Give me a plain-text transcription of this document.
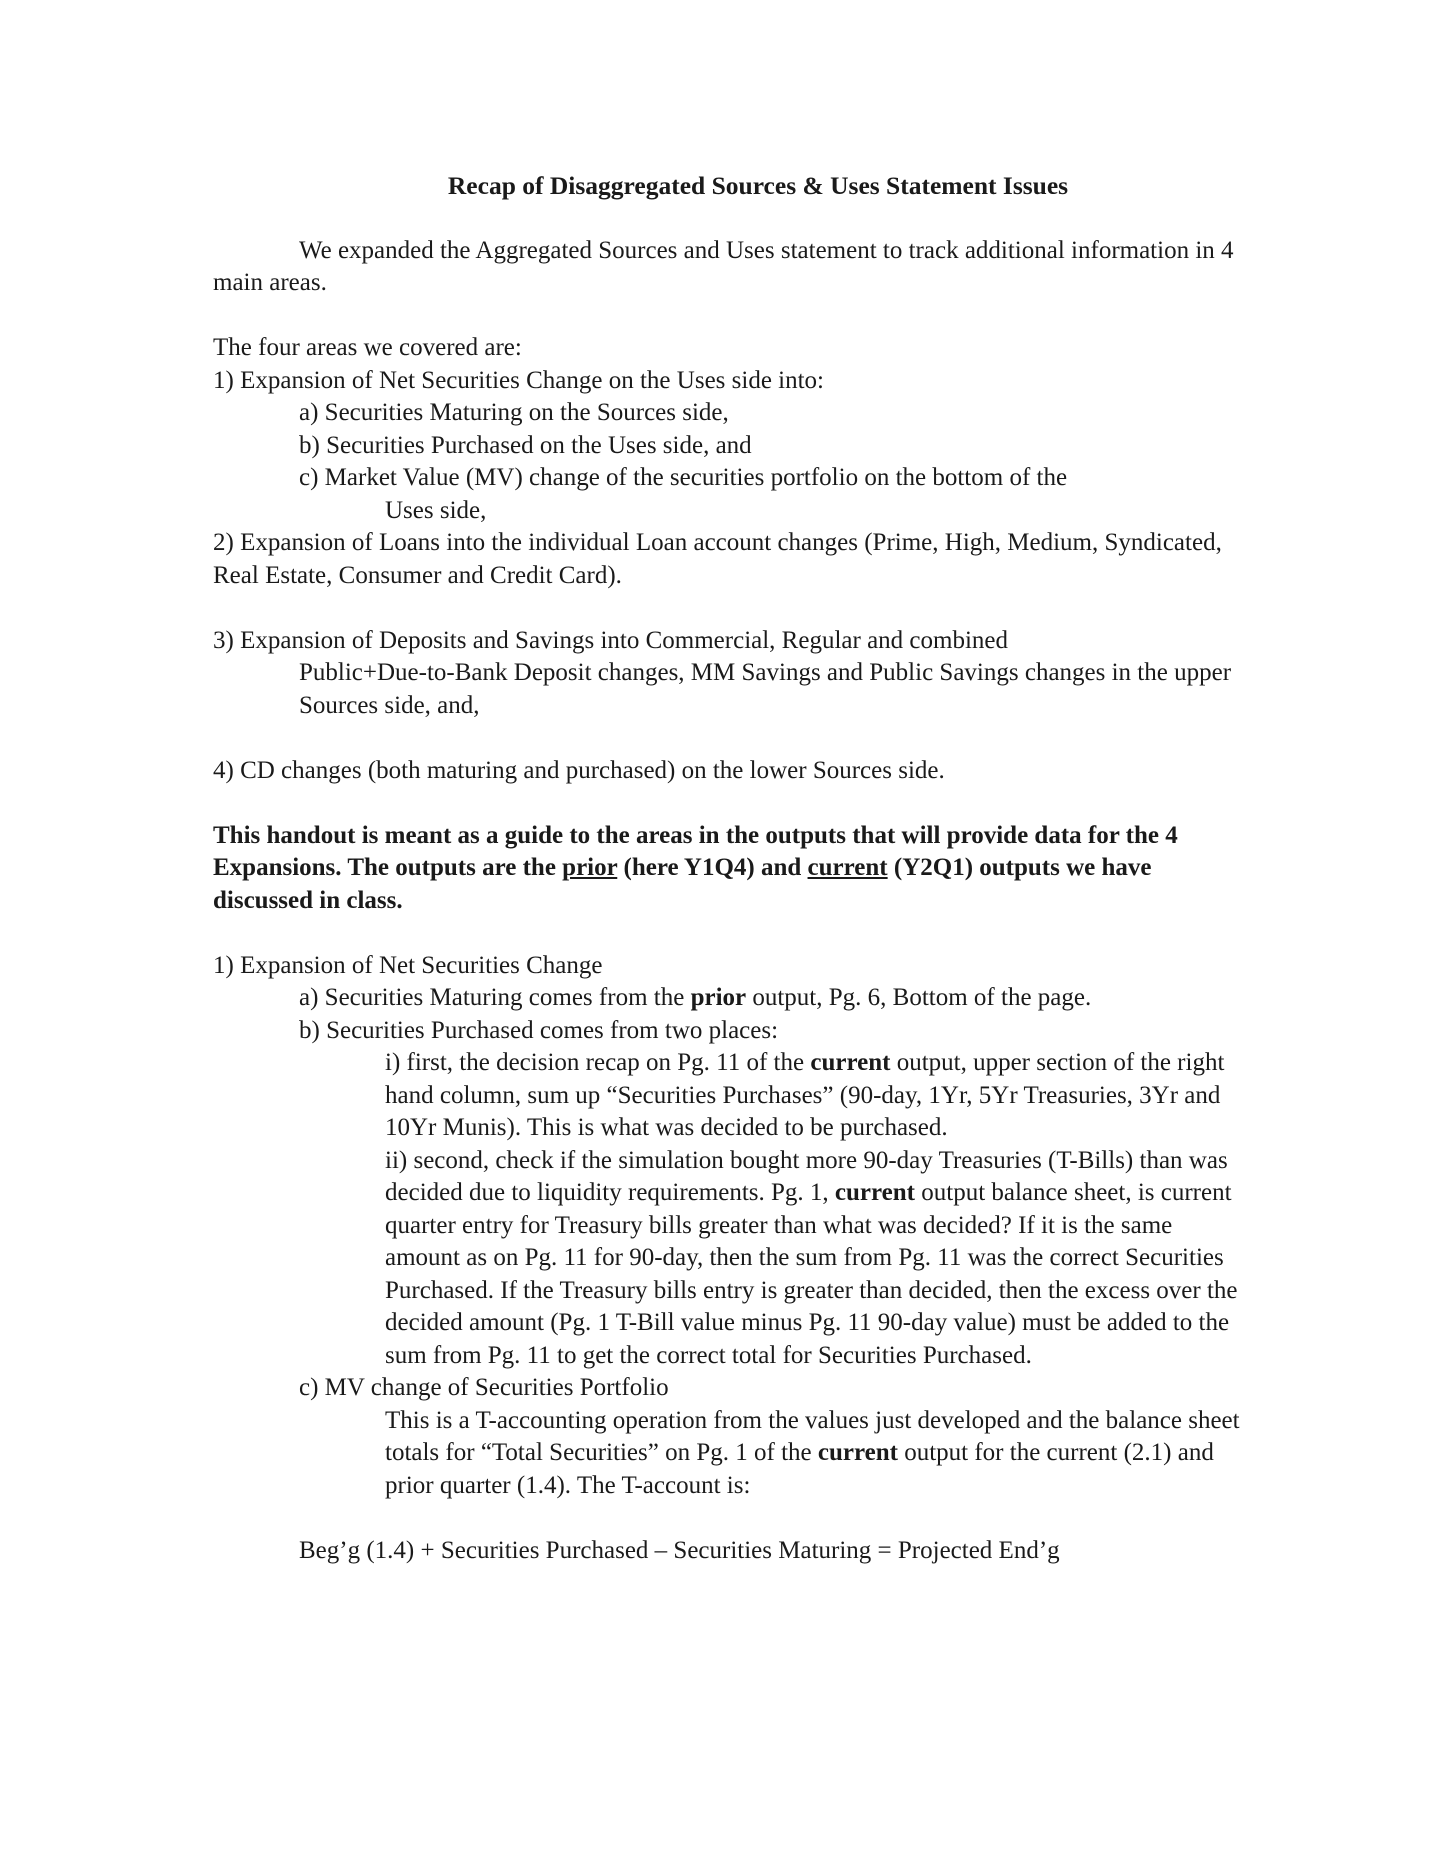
Recap of Disaggregated Sources & Uses Statement Issues

We expanded the Aggregated Sources and Uses statement to track additional information in 4 main areas.

The four areas we covered are:

1) Expansion of Net Securities Change on the Uses side into:

a) Securities Maturing on the Sources side,

b) Securities Purchased on the Uses side, and

c) Market Value (MV) change of the securities portfolio on the bottom of the

Uses side,

2) Expansion of Loans into the individual Loan account changes (Prime, High, Medium, Syndicated, Real Estate, Consumer and Credit Card).

3) Expansion of Deposits and Savings into Commercial, Regular and combined

Public+Due-to-Bank Deposit changes, MM Savings and Public Savings changes in the upper Sources side, and,

4) CD changes (both maturing and purchased) on the lower Sources side.

This handout is meant as a guide to the areas in the outputs that will provide data for the 4 Expansions. The outputs are the prior (here Y1Q4) and current (Y2Q1) outputs we have discussed in class.

1) Expansion of Net Securities Change

a) Securities Maturing comes from the prior output, Pg. 6, Bottom of the page.

b) Securities Purchased comes from two places:

i) first, the decision recap on Pg. 11 of the current output, upper section of the right hand column, sum up “Securities Purchases” (90-day, 1Yr, 5Yr Treasuries, 3Yr and 10Yr Munis). This is what was decided to be purchased.

ii) second, check if the simulation bought more 90-day Treasuries (T-Bills) than was decided due to liquidity requirements. Pg. 1, current output balance sheet, is current quarter entry for Treasury bills greater than what was decided? If it is the same amount as on Pg. 11 for 90-day, then the sum from Pg. 11 was the correct Securities Purchased. If the Treasury bills entry is greater than decided, then the excess over the decided amount (Pg. 1 T-Bill value minus Pg. 11 90-day value) must be added to the sum from Pg. 11 to get the correct total for Securities Purchased.

c) MV change of Securities Portfolio

This is a T-accounting operation from the values just developed and the balance sheet totals for “Total Securities” on Pg. 1 of the current output for the current (2.1) and prior quarter (1.4). The T-account is:

Beg’g (1.4) + Securities Purchased – Securities Maturing = Projected End’g
